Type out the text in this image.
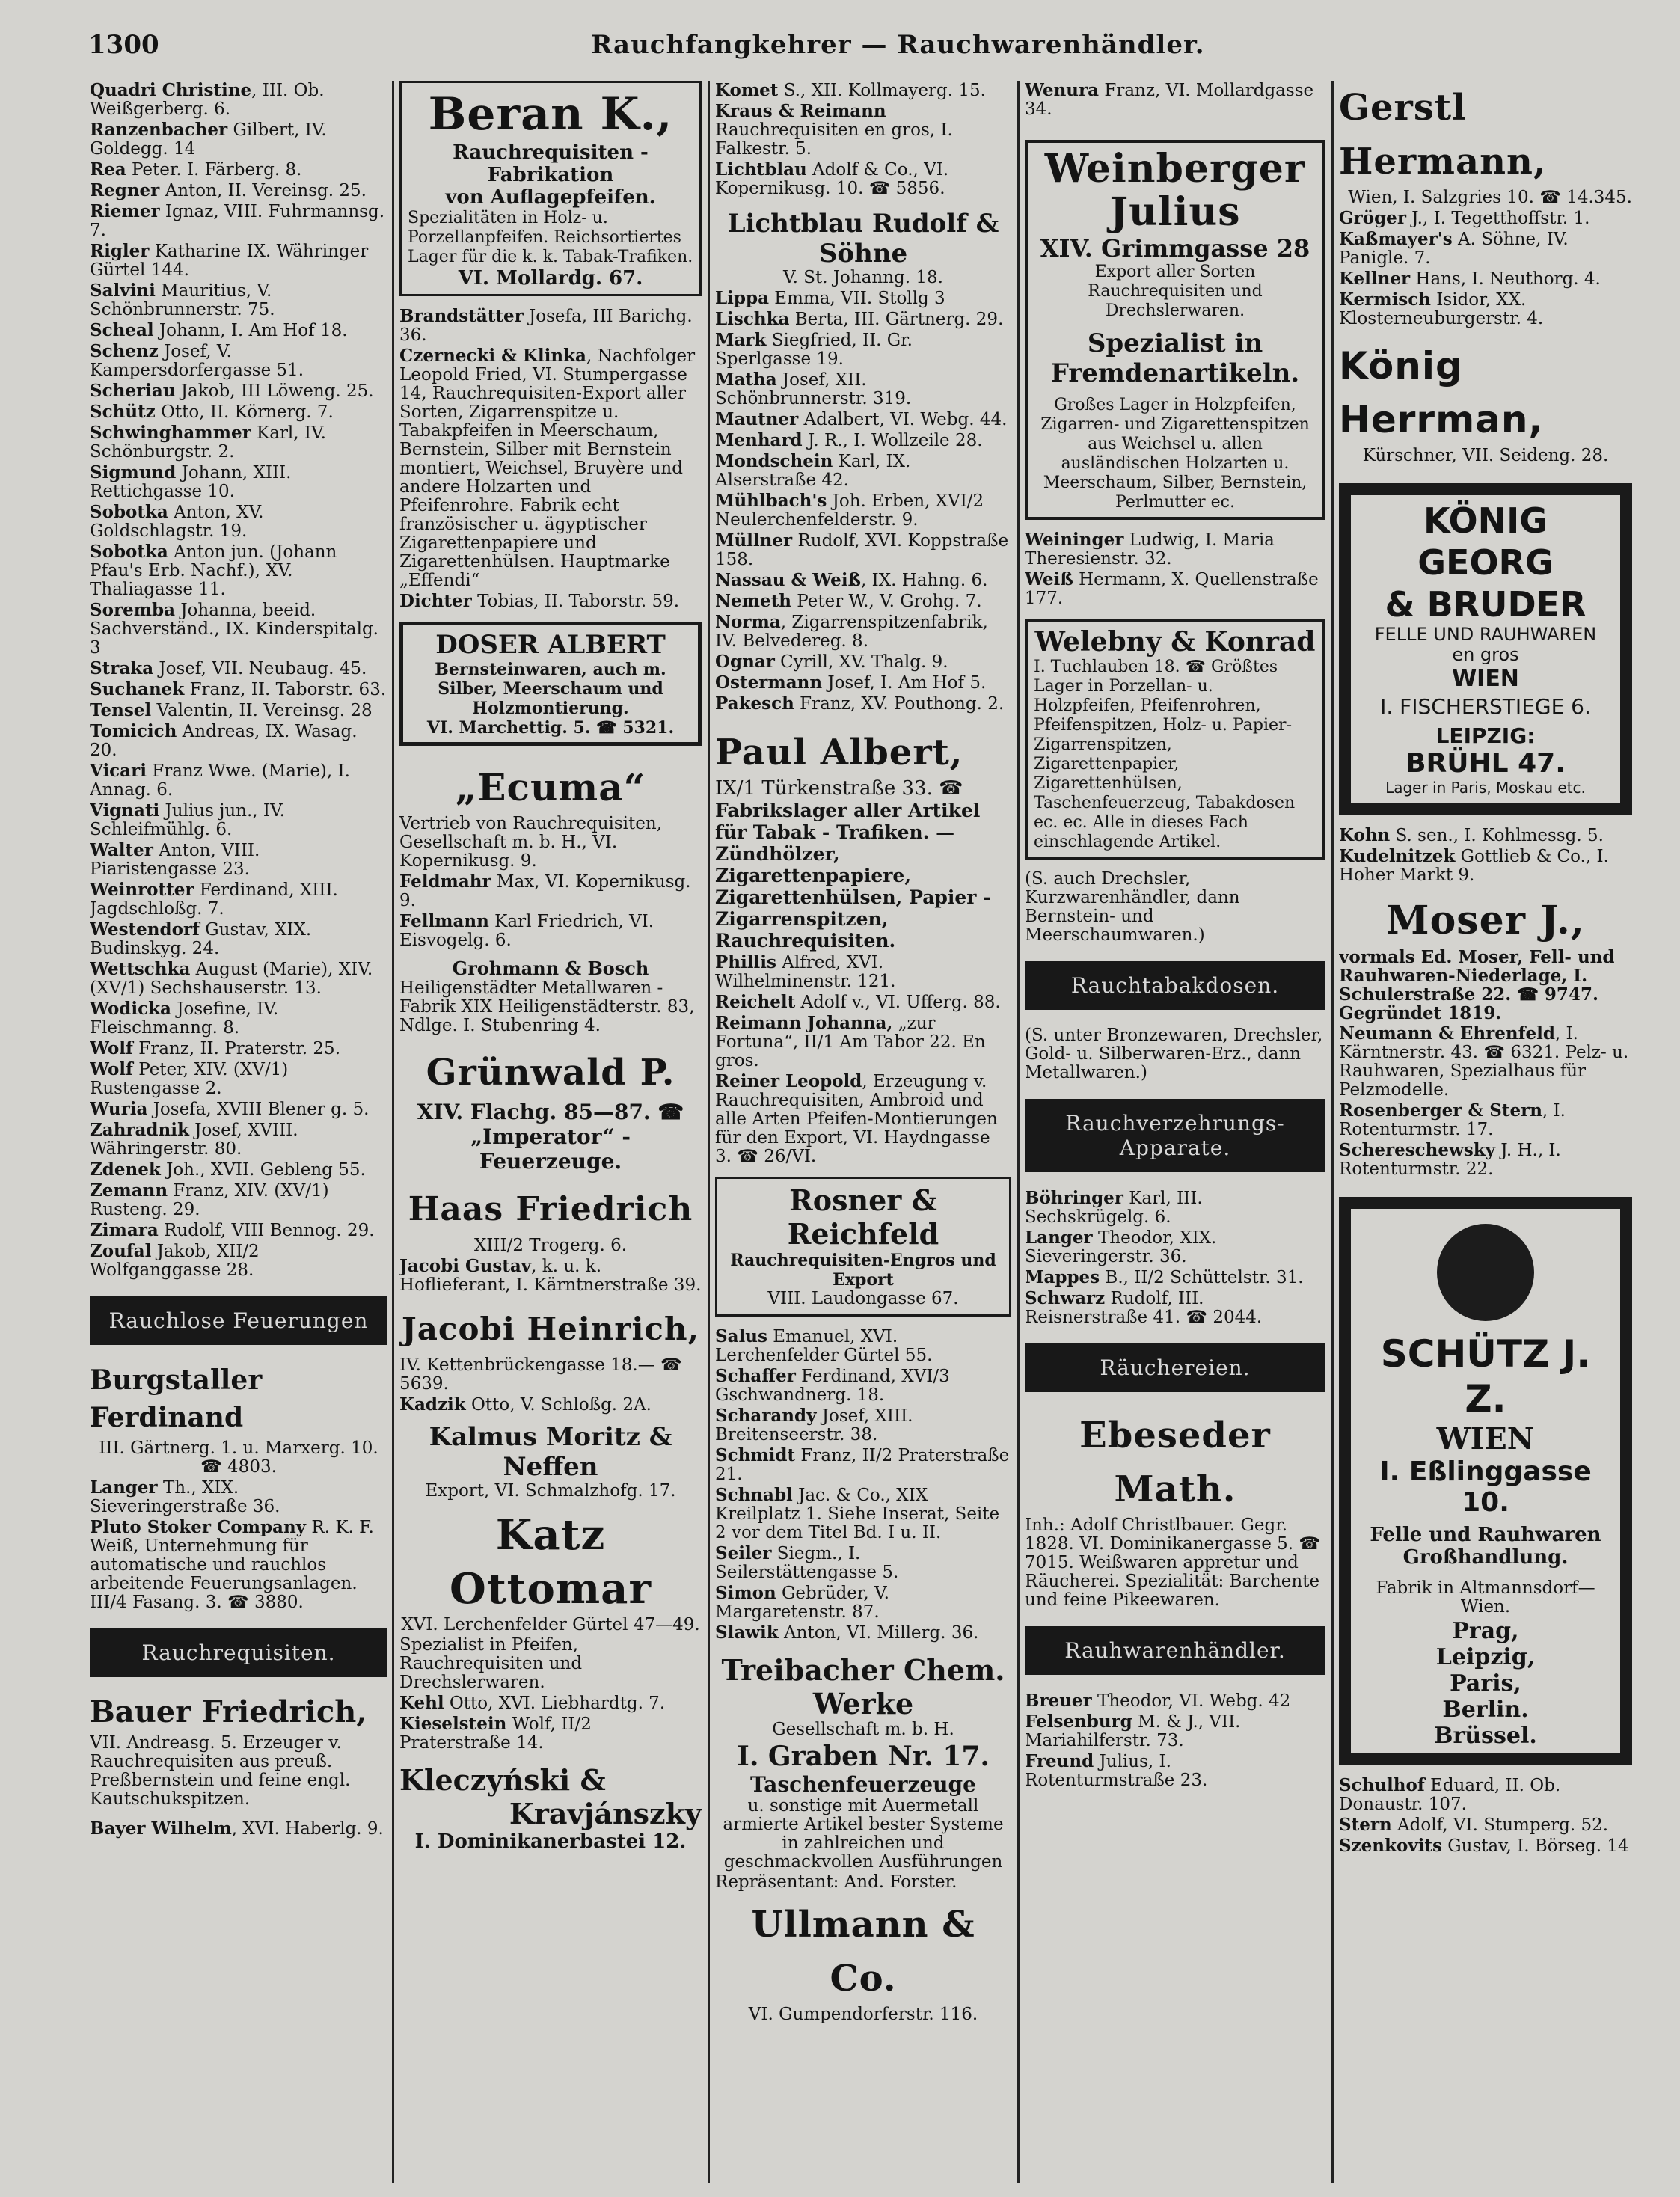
1300	Rauchfangkehrer — Rauchwarenhändler.
Quadri Christine, III. Ob. Weißgerberg. 6.
Ranzenbacher Gilbert, IV. Goldegg. 14
Rea Peter. I. Färberg. 8.
Regner Anton, II. Vereinsg. 25.
Riemer Ignaz, VIII. Fuhrmannsg. 7.
Rigler Katharine IX. Währinger Gürtel 144.
Salvini Mauritius, V. Schönbrunnerstr. 75.
Scheal Johann, I. Am Hof 18.
Schenz Josef, V. Kampersdorfergasse 51.
Scheriau Jakob, III Löweng. 25.
Schütz Otto, II. Körnerg. 7.
Schwinghammer Karl, IV. Schönburgstr. 2.
Sigmund Johann, XIII. Rettichgasse 10.
Sobotka Anton, XV. Goldschlagstr. 19.
Sobotka Anton jun. (Johann Pfau's Erb. Nachf.), XV. Thaliagasse 11.
Soremba Johanna, beeid. Sachverständ., IX. Kinderspitalg. 3
Straka Josef, VII. Neubaug. 45.
Suchanek Franz, II. Taborstr. 63.
Tensel Valentin, II. Vereinsg. 28
Tomicich Andreas, IX. Wasag. 20.
Vicari Franz Wwe. (Marie), I. Annag. 6.
Vignati Julius jun., IV. Schleifmühlg. 6.
Walter Anton, VIII. Piaristengasse 23.
Weinrotter Ferdinand, XIII. Jagdschloßg. 7.
Westendorf Gustav, XIX. Budinskyg. 24.
Wettschka August (Marie), XIV. (XV/1) Sechshauserstr. 13.
Wodicka Josefine, IV. Fleischmanng. 8.
Wolf Franz, II. Praterstr. 25.
Wolf Peter, XIV. (XV/1) Rustengasse 2.
Wuria Josefa, XVIII Blener g. 5.
Zahradnik Josef, XVIII. Währingerstr. 80.
Zdenek Joh., XVII. Gebleng 55.
Zemann Franz, XIV. (XV/1) Rusteng. 29.
Zimara Rudolf, VIII Bennog. 29.
Zoufal Jakob, XII/2 Wolfganggasse 28.
Rauchlose Feuerungen
Burgstaller Ferdinand
III. Gärtnerg. 1. u. Marxerg. 10. ☎ 4803.
Langer Th., XIX. Sieveringerstraße 36.
Pluto Stoker Company R. K. F. Weiß, Unternehmung für automatische und rauchlos arbeitende Feuerungsanlagen. III/4 Fasang. 3. ☎ 3880.
Rauchrequisiten.
Bauer Friedrich,
VII. Andreasg. 5. Erzeuger v. Rauchrequisiten aus preuß. Preßbernstein und feine engl. Kautschukspitzen.
Bayer Wilhelm, XVI. Haberlg. 9.
Beran K.,
Rauchrequisiten - Fabrikation
von Auflagepfeifen.
Spezialitäten in Holz- u. Porzellanpfeifen. Reichsortiertes Lager für die k. k. Tabak-Trafiken.
VI. Mollardg. 67.
Brandstätter Josefa, III Barichg. 36.
Czernecki & Klinka, Nachfolger Leopold Fried, VI. Stumpergasse 14, Rauchrequisiten-Export aller Sorten, Zigarrenspitze u. Tabakpfeifen in Meerschaum, Bernstein, Silber mit Bernstein montiert, Weichsel, Bruyère und andere Holzarten und Pfeifenrohre. Fabrik echt französischer u. ägyptischer Zigarettenpapiere und Zigarettenhülsen. Hauptmarke „Effendi“
Dichter Tobias, II. Taborstr. 59.
DOSER ALBERT
Bernsteinwaren, auch m. Silber, Meerschaum und Holzmontierung.
VI. Marchettig. 5. ☎ 5321.
„Ecuma“
Vertrieb von Rauchrequisiten, Gesellschaft m. b. H., VI. Kopernikusg. 9.
Feldmahr Max, VI. Kopernikusg. 9.
Fellmann Karl Friedrich, VI. Eisvogelg. 6.
Grohmann & Bosch
Heiligenstädter Metallwaren - Fabrik XIX Heiligenstädterstr. 83, Ndlge. I. Stubenring 4.
Grünwald P.
XIV. Flachg. 85—87. ☎
„Imperator“ - Feuerzeuge.
Haas Friedrich
XIII/2 Trogerg. 6.
Jacobi Gustav, k. u. k. Hoflieferant, I. Kärntnerstraße 39.
Jacobi Heinrich,
IV. Kettenbrückengasse 18.— ☎ 5639.
Kadzik Otto, V. Schloßg. 2A.
Kalmus Moritz & Neffen
Export, VI. Schmalzhofg. 17.
Katz Ottomar
XVI. Lerchenfelder Gürtel 47—49.
Spezialist in Pfeifen, Rauchrequisiten und Drechslerwaren.
Kehl Otto, XVI. Liebhardtg. 7.
Kieselstein Wolf, II/2 Praterstraße 14.
Kleczyński &
Kravjánszky
I. Dominikanerbastei 12.
Komet S., XII. Kollmayerg. 15.
Kraus & Reimann Rauchrequisiten en gros, I. Falkestr. 5.
Lichtblau Adolf & Co., VI. Kopernikusg. 10. ☎ 5856.
Lichtblau Rudolf & Söhne
V. St. Johanng. 18.
Lippa Emma, VII. Stollg 3
Lischka Berta, III. Gärtnerg. 29.
Mark Siegfried, II. Gr. Sperlgasse 19.
Matha Josef, XII. Schönbrunnerstr. 319.
Mautner Adalbert, VI. Webg. 44.
Menhard J. R., I. Wollzeile 28.
Mondschein Karl, IX. Alserstraße 42.
Mühlbach's Joh. Erben, XVI/2 Neulerchenfelderstr. 9.
Müllner Rudolf, XVI. Koppstraße 158.
Nassau & Weiß, IX. Hahng. 6.
Nemeth Peter W., V. Grohg. 7.
Norma, Zigarrenspitzenfabrik, IV. Belvedereg. 8.
Ognar Cyrill, XV. Thalg. 9.
Ostermann Josef, I. Am Hof 5.
Pakesch Franz, XV. Pouthong. 2.
Paul Albert,
IX/1 Türkenstraße 33. ☎
Fabrikslager aller Artikel für Tabak - Trafiken. — Zündhölzer, Zigarettenpapiere, Zigarettenhülsen, Papier - Zigarrenspitzen, Rauchrequisiten.
Phillis Alfred, XVI. Wilhelminenstr. 121.
Reichelt Adolf v., VI. Ufferg. 88.
Reimann Johanna, „zur Fortuna“, II/1 Am Tabor 22. En gros.
Reiner Leopold, Erzeugung v. Rauchrequisiten, Ambroid und alle Arten Pfeifen-Montierungen für den Export, VI. Haydngasse 3. ☎ 26/VI.
Rosner & Reichfeld
Rauchrequisiten-Engros und Export
VIII. Laudongasse 67.
Salus Emanuel, XVI. Lerchenfelder Gürtel 55.
Schaffer Ferdinand, XVI/3 Gschwandnerg. 18.
Scharandy Josef, XIII. Breitenseerstr. 38.
Schmidt Franz, II/2 Praterstraße 21.
Schnabl Jac. & Co., XIX Kreilplatz 1. Siehe Inserat, Seite 2 vor dem Titel Bd. I u. II.
Seiler Siegm., I. Seilerstättengasse 5.
Simon Gebrüder, V. Margaretenstr. 87.
Slawik Anton, VI. Millerg. 36.
Treibacher Chem. Werke
Gesellschaft m. b. H.
I. Graben Nr. 17.
Taschenfeuerzeuge
u. sonstige mit Auermetall armierte Artikel bester Systeme in zahlreichen und geschmackvollen Ausführungen
Repräsentant: And. Forster.
Ullmann & Co.
VI. Gumpendorferstr. 116.
Wenura Franz, VI. Mollardgasse 34.
Weinberger Julius
XIV. Grimmgasse 28
Export aller Sorten Rauchrequisiten und Drechslerwaren.
Spezialist in Fremdenartikeln.
Großes Lager in Holzpfeifen, Zigarren- und Zigarettenspitzen aus Weichsel u. allen ausländischen Holzarten u. Meerschaum, Silber, Bernstein, Perlmutter ec.
Weininger Ludwig, I. Maria Theresienstr. 32.
Weiß Hermann, X. Quellenstraße 177.
Welebny & Konrad
I. Tuchlauben 18. ☎ Größtes Lager in Porzellan- u. Holzpfeifen, Pfeifenrohren, Pfeifenspitzen, Holz- u. Papier-Zigarrenspitzen, Zigarettenpapier, Zigarettenhülsen, Taschenfeuerzeug, Tabakdosen ec. ec. Alle in dieses Fach einschlagende Artikel.
(S. auch Drechsler, Kurzwarenhändler, dann Bernstein- und Meerschaumwaren.)
Rauchtabakdosen.
(S. unter Bronzewaren, Drechsler, Gold- u. Silberwaren-Erz., dann Metallwaren.)
Rauchverzehrungs-Apparate.
Böhringer Karl, III. Sechskrügelg. 6.
Langer Theodor, XIX. Sieveringerstr. 36.
Mappes B., II/2 Schüttelstr. 31.
Schwarz Rudolf, III. Reisnerstraße 41. ☎ 2044.
Räuchereien.
Ebeseder Math.
Inh.: Adolf Christlbauer. Gegr. 1828. VI. Dominikanergasse 5. ☎ 7015. Weißwaren appretur und Räucherei. Spezialität: Barchente und feine Pikeewaren.
Rauhwarenhändler.
Breuer Theodor, VI. Webg. 42
Felsenburg M. & J., VII. Mariahilferstr. 73.
Freund Julius, I. Rotenturmstraße 23.
Gerstl Hermann,
Wien, I. Salzgries 10. ☎ 14.345.
Gröger J., I. Tegetthoffstr. 1.
Kaßmayer's A. Söhne, IV. Panigle. 7.
Kellner Hans, I. Neuthorg. 4.
Kermisch Isidor, XX. Klosterneuburgerstr. 4.
König Herrman,
Kürschner, VII. Seideng. 28.
KÖNIG GEORG
& BRUDER
FELLE UND RAUHWAREN
en gros
WIEN
I. FISCHERSTIEGE 6.
LEIPZIG:
BRÜHL 47.
Lager in Paris, Moskau etc.
Kohn S. sen., I. Kohlmessg. 5.
Kudelnitzek Gottlieb & Co., I. Hoher Markt 9.
Moser J.,
vormals Ed. Moser, Fell- und Rauhwaren-Niederlage, I. Schulerstraße 22. ☎ 9747. Gegründet 1819.
Neumann & Ehrenfeld, I. Kärntnerstr. 43. ☎ 6321. Pelz- u. Rauhwaren, Spezialhaus für Pelzmodelle.
Rosenberger & Stern, I. Rotenturmstr. 17.
Schereschewsky J. H., I. Rotenturmstr. 22.
SCHÜTZ J. Z.
WIEN
I. Eßlinggasse 10.
Felle und Rauhwaren Großhandlung.
Fabrik in Altmannsdorf—Wien.
Prag,
Leipzig,
Paris,
Berlin.
Brüssel.
Schulhof Eduard, II. Ob. Donaustr. 107.
Stern Adolf, VI. Stumperg. 52.
Szenkovits Gustav, I. Börseg. 14
